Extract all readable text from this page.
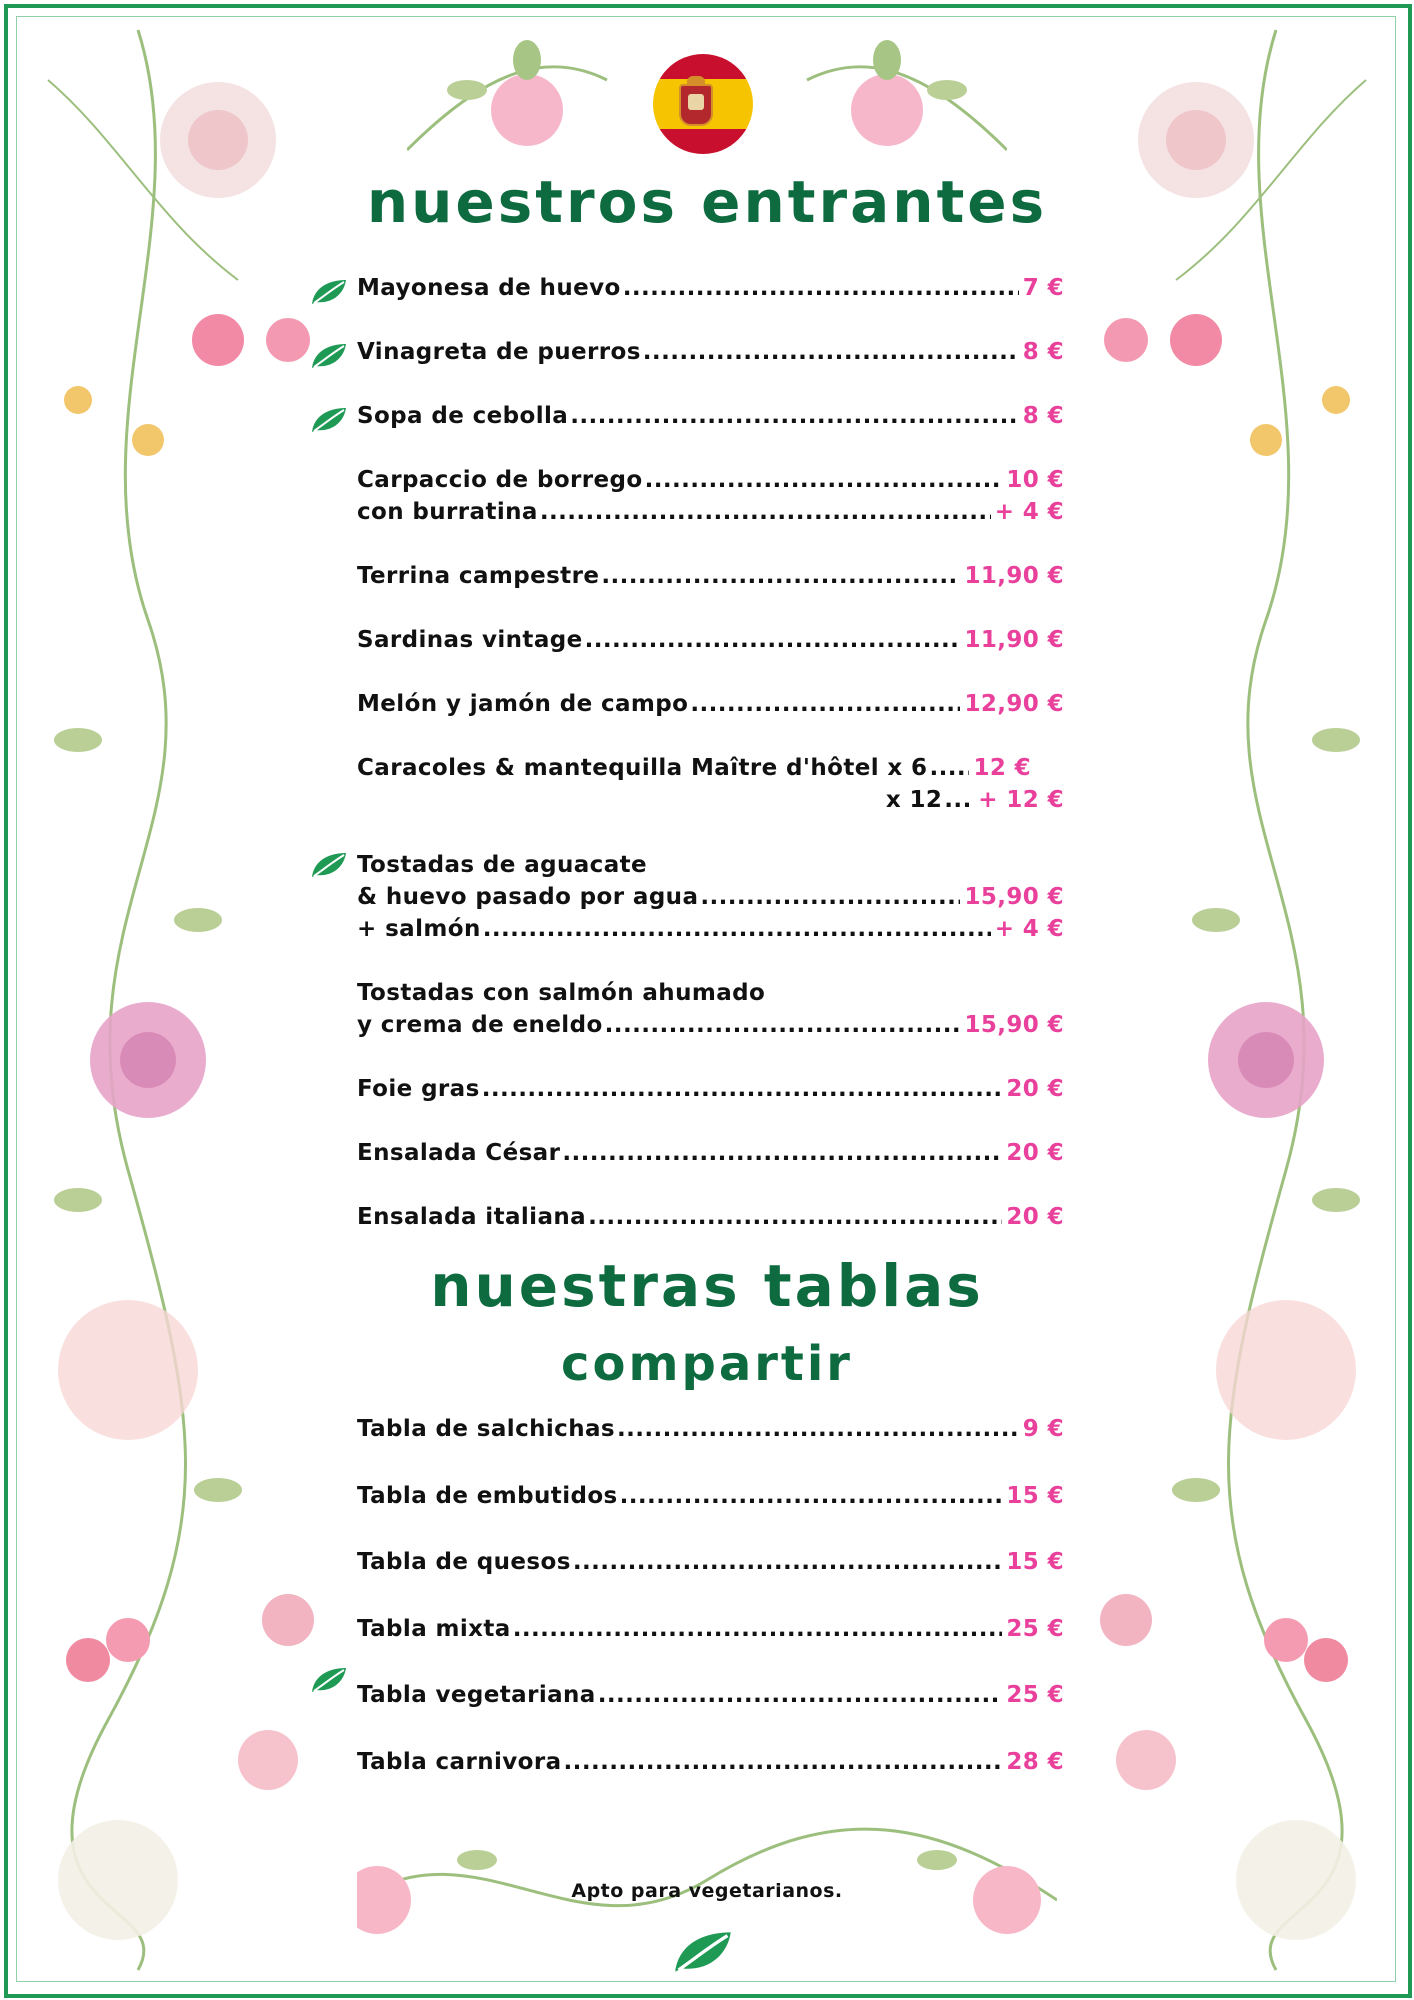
nuestros entrantes
Mayonesa de huevo .....	7 €
Vinagreta de puerros .....	8 €
Sopa de cebolla .....	8 €
Carpaccio de borrego .....	10 €
con burratina .....	+ 4 €
Terrina campestre .....	11,90 €
Sardinas vintage .....	11,90 €
Melón y jamón de campo .....	12,90 €
Caracoles & mantequilla Maître d'hôtel x 6 ..... 12 €
x 12 ..... + 12 €
Tostadas de aguacate
& huevo pasado por agua .....	15,90 €
+ salmón .....	+ 4 €
Tostadas con salmón ahumado
y crema de eneldo .....	15,90 €
Foie gras .....	20 €
Ensalada César .....	20 €
Ensalada italiana .....	20 €
nuestras tablas
compartir
Tabla de salchichas .....	9 €
Tabla de embutidos .....	15 €
Tabla de quesos .....	15 €
Tabla mixta .....	25 €
Tabla vegetariana .....	25 €
Tabla carnivora .....	28 €
Apto para vegetarianos.
